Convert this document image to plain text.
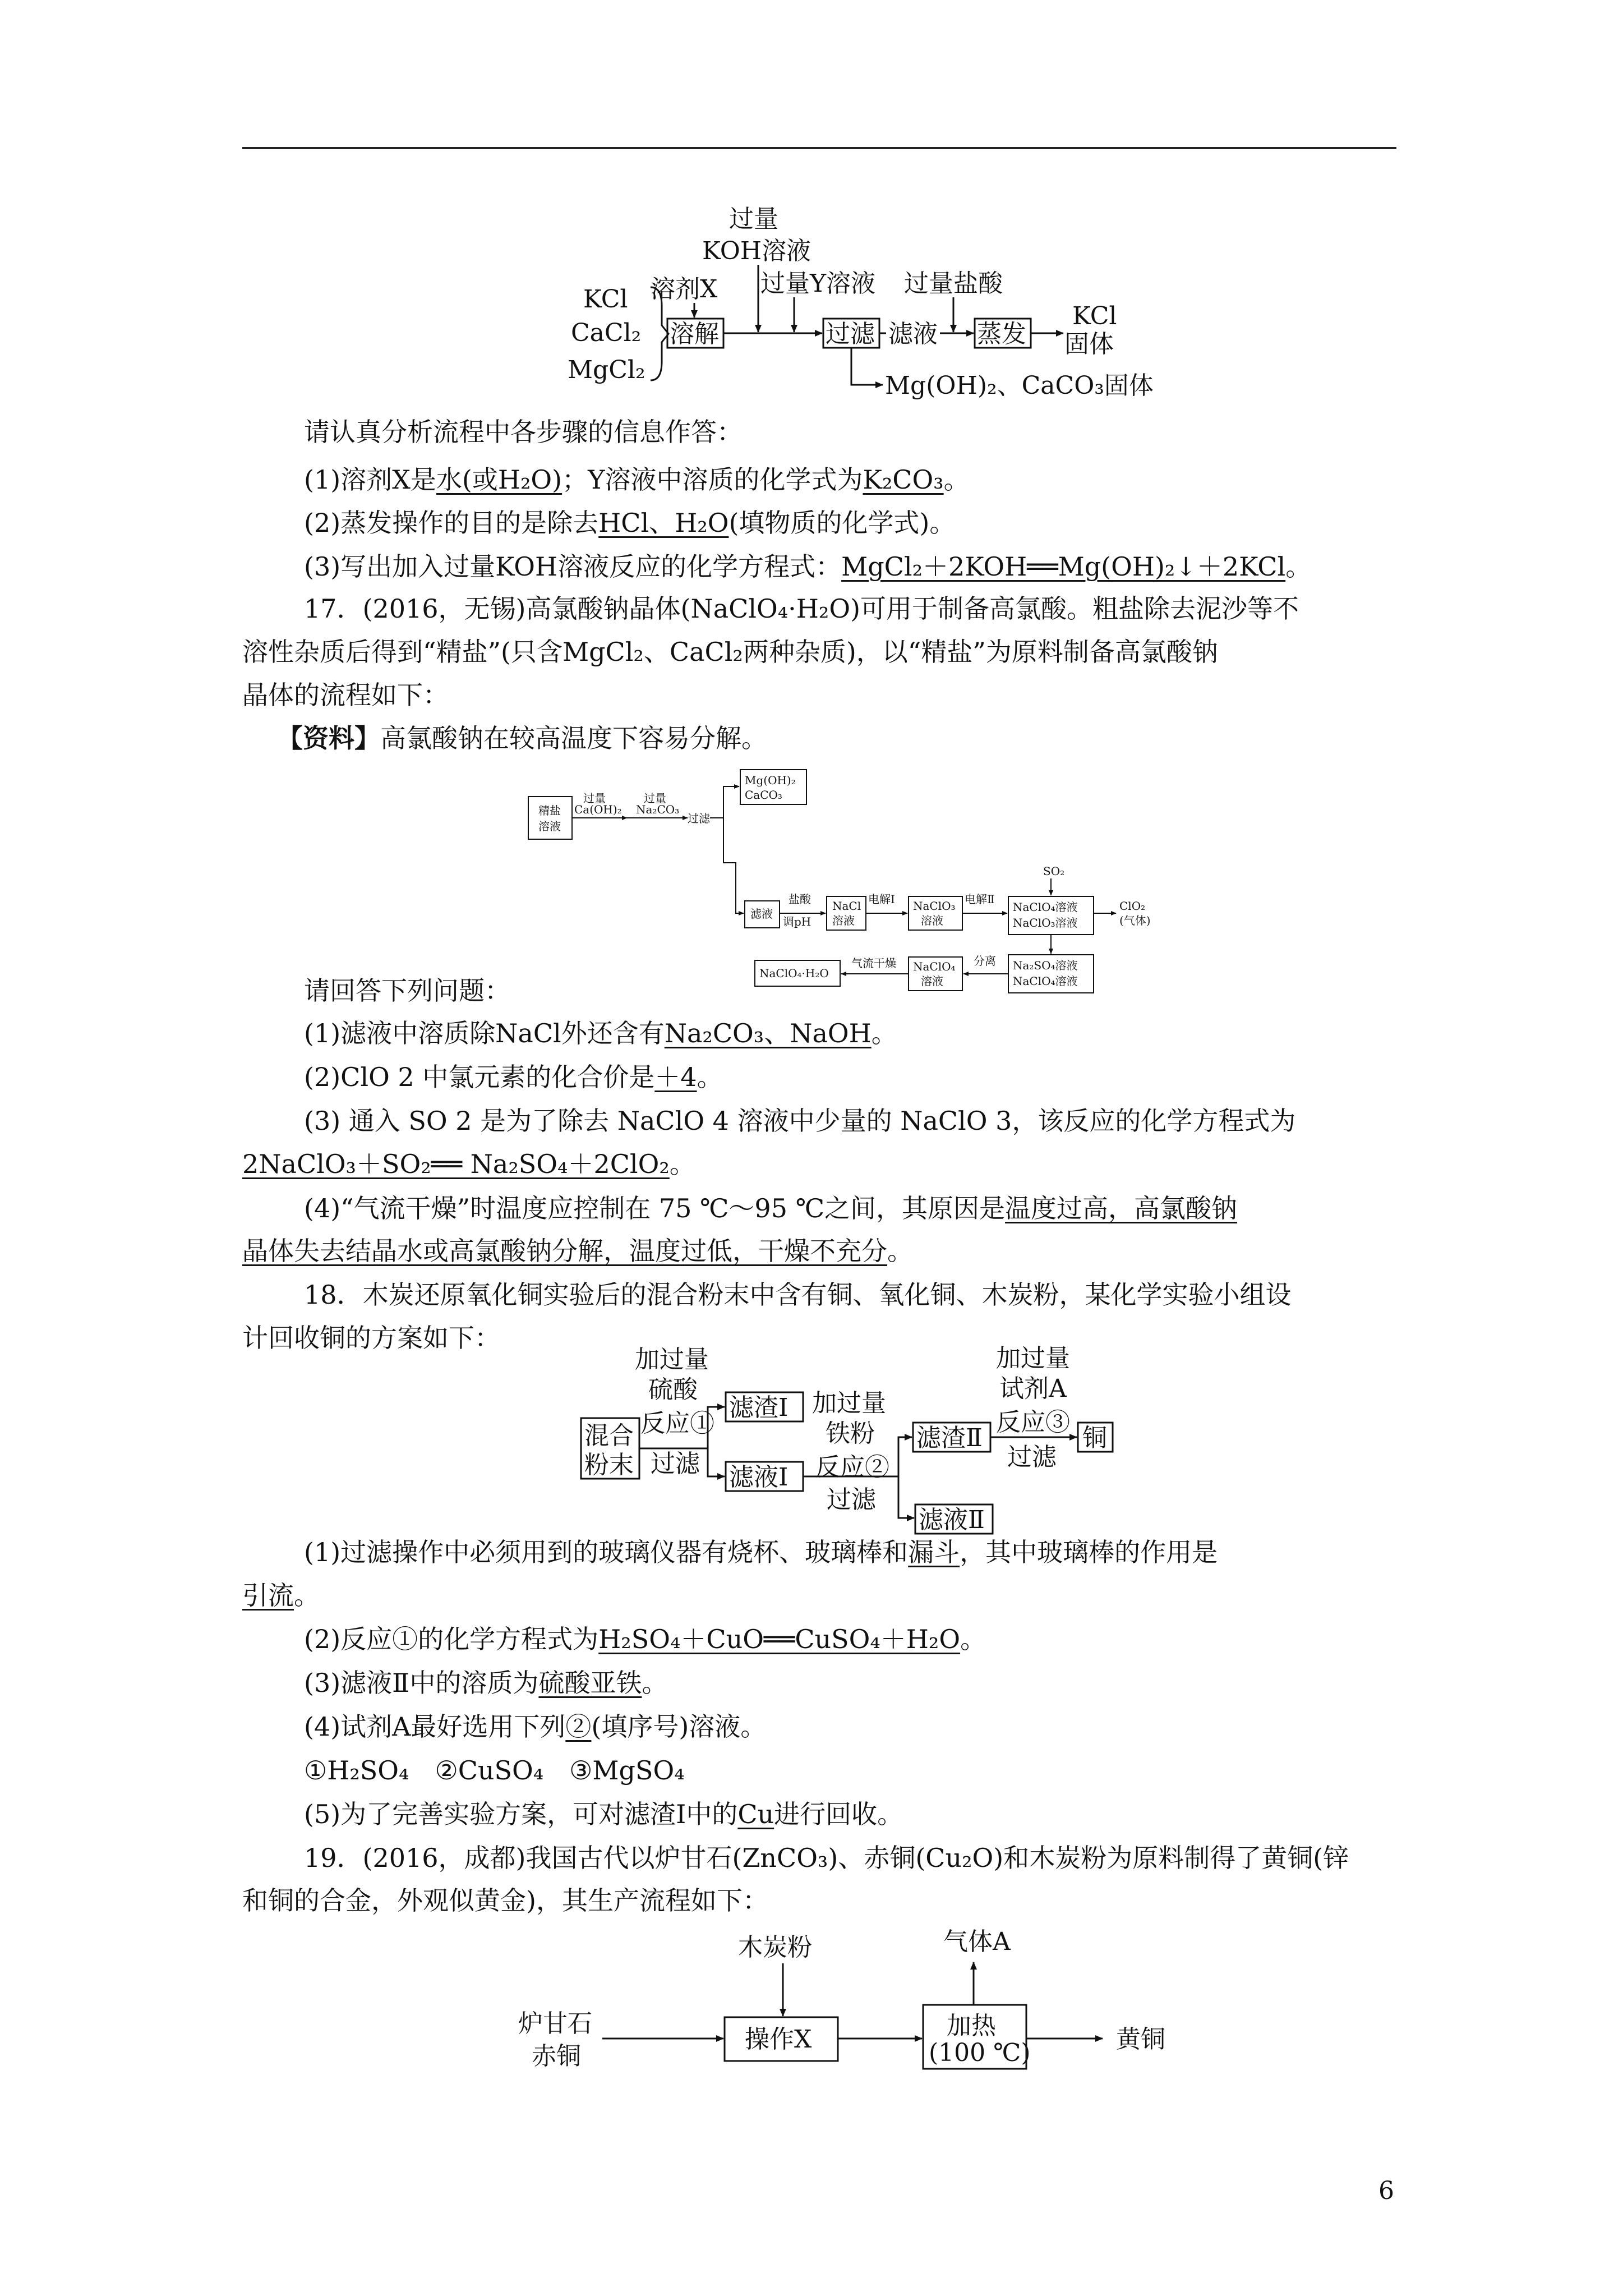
KCl
CaCl₂
MgCl₂
溶解
溶剂X
过量
KOH溶液
过量Y溶液
过滤 滤液
过量盐酸
蒸发
KCl
固体
Mg(OH)₂、CaCO₃固体
请认真分析流程中各步骤的信息作答：
(1)溶剂X是水(或H₂O)；Y溶液中溶质的化学式为K₂CO₃。
(2)蒸发操作的目的是除去HCl、H₂O(填物质的化学式)。
(3)写出加入过量KOH溶液反应的化学方程式：MgCl₂＋2KOH══Mg(OH)₂↓＋2KCl。
17．(2016，无锡)高氯酸钠晶体(NaClO₄·H₂O)可用于制备高氯酸。粗盐除去泥沙等不
溶性杂质后得到“精盐”(只含MgCl₂、CaCl₂两种杂质)，以“精盐”为原料制备高氯酸钠
晶体的流程如下：
【资料】高氯酸钠在较高温度下容易分解。
精盐
溶液
过量
Ca(OH)₂
过量
Na₂CO₃
过滤
Mg(OH)₂
CaCO₃
滤液
盐酸
调pH
NaCl
溶液
电解Ⅰ NaClO₃
溶液
电解Ⅱ
NaClO₄溶液
NaClO₃溶液
SO₂
ClO₂
(气体)
Na₂SO₄溶液
NaClO₄溶液
分离
NaClO₄
溶液
气流干燥
NaClO₄·H₂O
请回答下列问题：
(1)滤液中溶质除NaCl外还含有Na₂CO₃、NaOH。
(2)ClO 2 中氯元素的化合价是＋4。
(3) 通入 SO 2 是为了除去 NaClO 4 溶液中少量的 NaClO 3，该反应的化学方程式为
2NaClO₃＋SO₂══ Na₂SO₄＋2ClO₂。
(4)“气流干燥”时温度应控制在 75 ℃～95 ℃之间，其原因是温度过高，高氯酸钠
晶体失去结晶水或高氯酸钠分解，温度过低，干燥不充分。
18．木炭还原氧化铜实验后的混合粉末中含有铜、氧化铜、木炭粉，某化学实验小组设
计回收铜的方案如下：
混合
粉末
加过量
硫酸
反应①
过滤
滤渣Ⅰ
滤液Ⅰ
加过量
铁粉
反应②
过滤
滤渣Ⅱ
滤液Ⅱ
加过量
试剂A
反应③
过滤
铜
(1)过滤操作中必须用到的玻璃仪器有烧杯、玻璃棒和漏斗，其中玻璃棒的作用是
引流。
(2)反应①的化学方程式为H₂SO₄＋CuO══CuSO₄＋H₂O。
(3)滤液Ⅱ中的溶质为硫酸亚铁。
(4)试剂A最好选用下列②(填序号)溶液。
①H₂SO₄　②CuSO₄　③MgSO₄
(5)为了完善实验方案，可对滤渣Ⅰ中的Cu进行回收。
19．(2016，成都)我国古代以炉甘石(ZnCO₃)、赤铜(Cu₂O)和木炭粉为原料制得了黄铜(锌
和铜的合金，外观似黄金)，其生产流程如下：
木炭粉
炉甘石
赤铜
操作X	加热
(100 ℃)
气体A
黄铜
6
